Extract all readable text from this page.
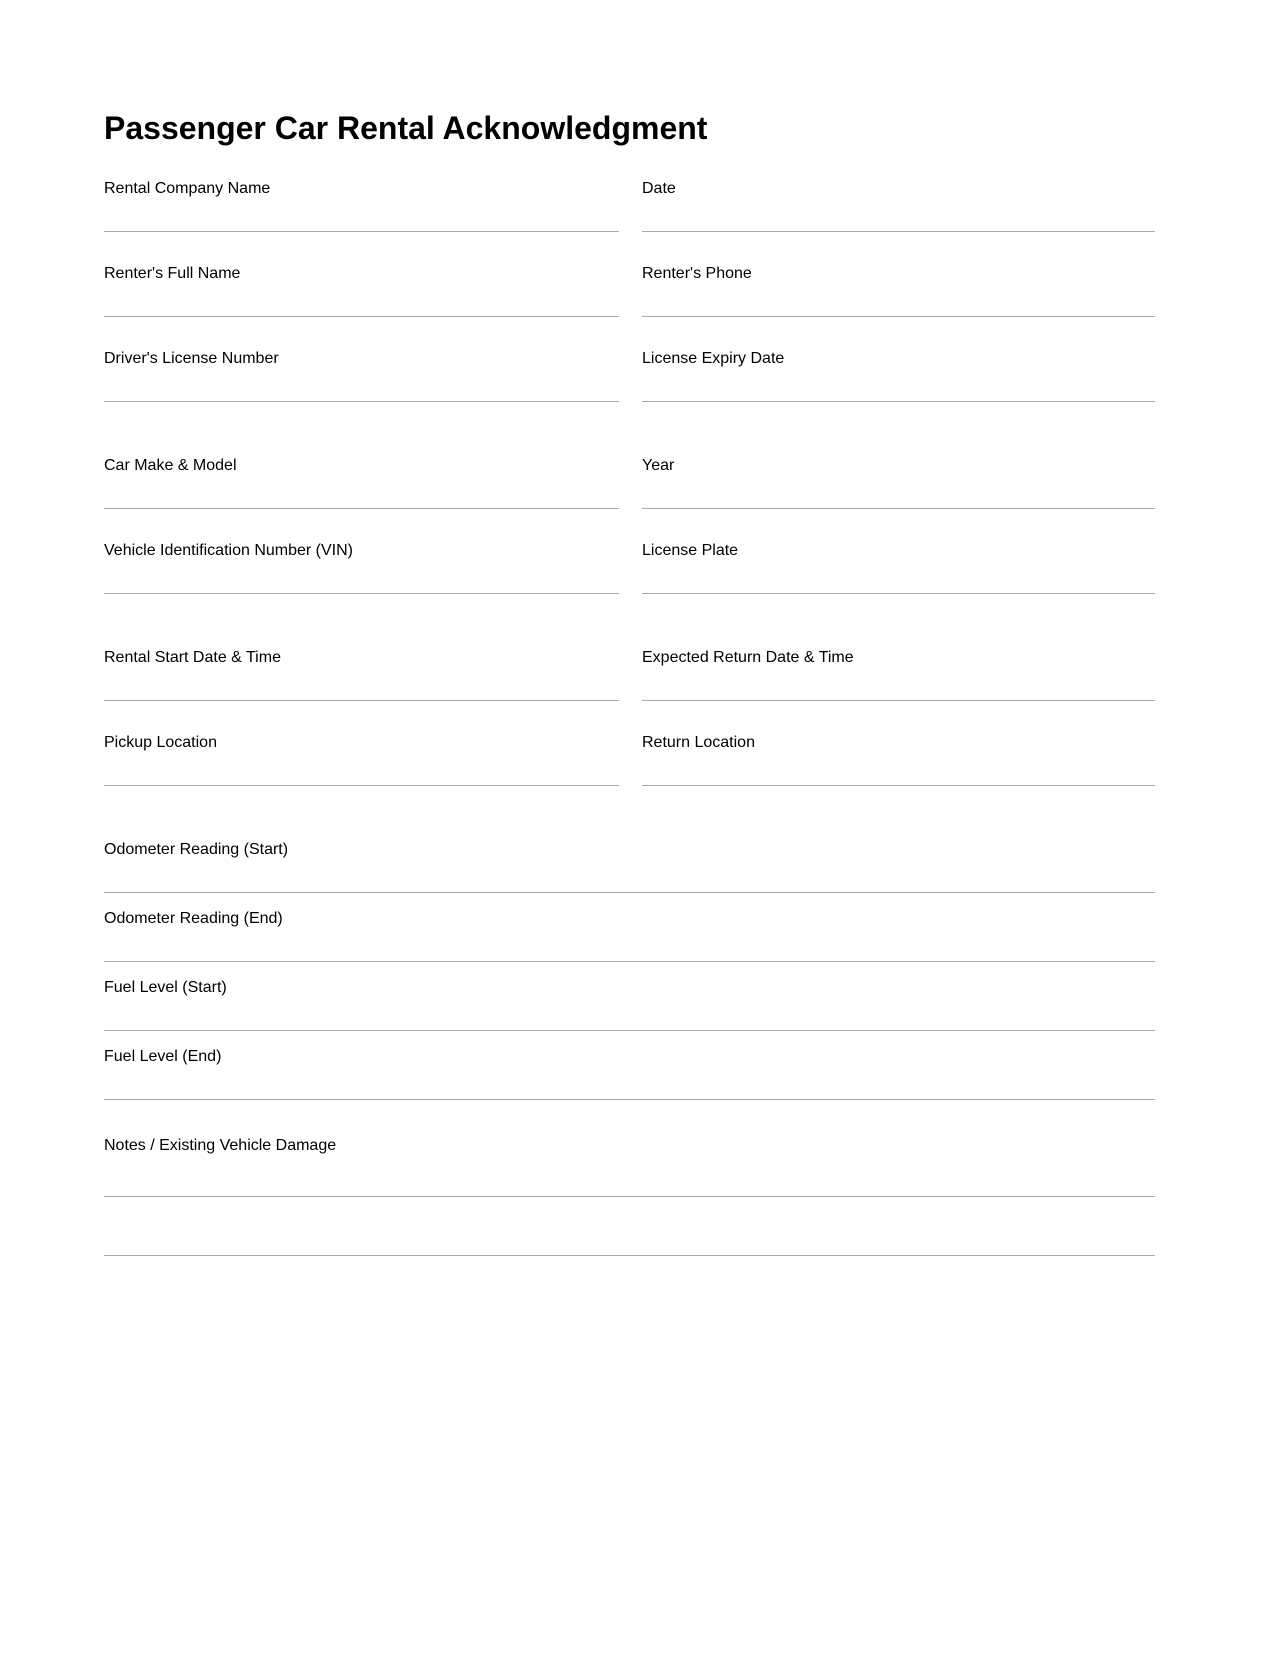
Passenger Car Rental Acknowledgment
Rental Company Name	Date
Renter's Full Name	Renter's Phone
Driver's License Number	License Expiry Date
Car Make & Model	Year
Vehicle Identification Number (VIN)	License Plate
Rental Start Date & Time	Expected Return Date & Time
Pickup Location	Return Location
Odometer Reading (Start)
Odometer Reading (End)
Fuel Level (Start)
Fuel Level (End)
Notes / Existing Vehicle Damage
